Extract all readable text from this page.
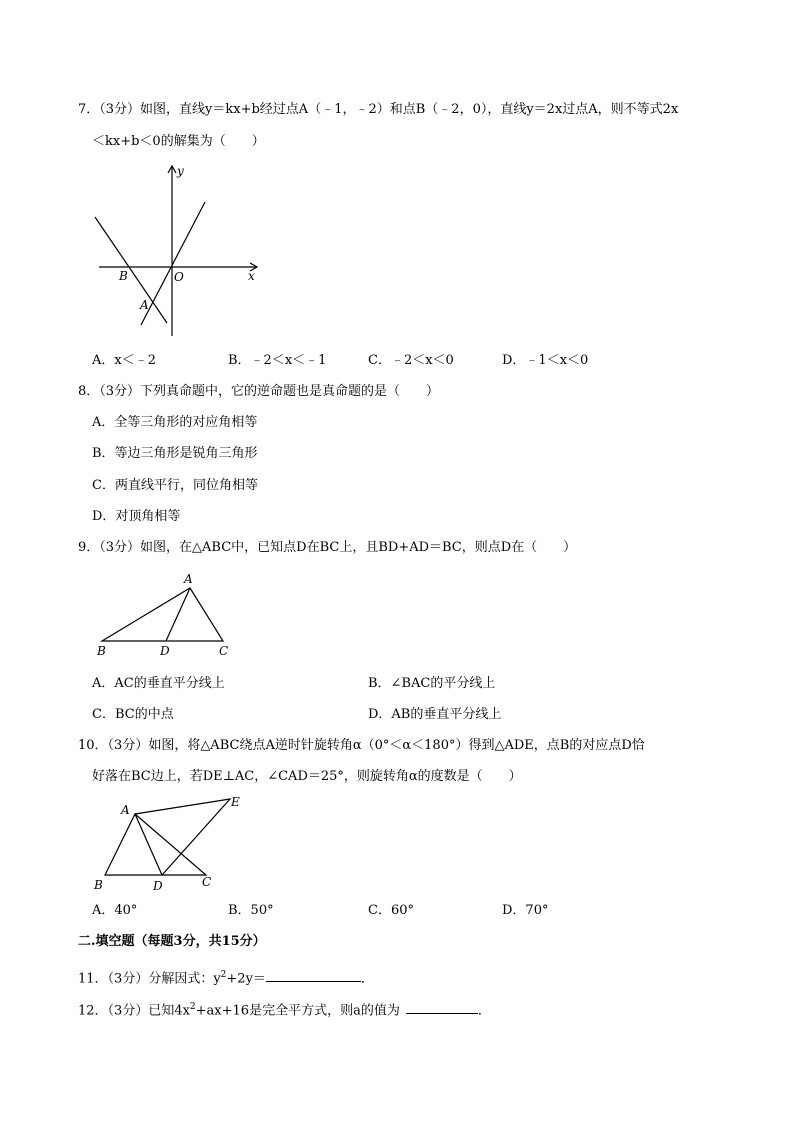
7．（3分）如图，直线y＝kx+b经过点A（﹣1，﹣2）和点B（﹣2，0），直线y＝2x过点A，则不等式2x
＜kx+b＜0的解集为（　　）
y
x
O
B
A
A．x＜﹣2	B．﹣2＜x＜﹣1	C．﹣2＜x＜0	D．﹣1＜x＜0
8．（3分）下列真命题中，它的逆命题也是真命题的是（　　）
A．全等三角形的对应角相等
B．等边三角形是锐角三角形
C．两直线平行，同位角相等
D．对顶角相等
9．（3分）如图，在△ABC中，已知点D在BC上，且BD+AD＝BC，则点D在（　　）
A
B	D	C
A．AC的垂直平分线上	B．∠BAC的平分线上
C．BC的中点	D．AB的垂直平分线上
10．（3分）如图，将△ABC绕点A逆时针旋转角α（0°＜α＜180°）得到△ADE，点B的对应点D恰
好落在BC边上，若DE⊥AC，∠CAD＝25°，则旋转角α的度数是（　　）
A
E
B	D	C
A．40°	B．50°	C．60°	D．70°
二.填空题（每题3分，共15分）
11．（3分）分解因式：$y^2+2y=$	．
12．（3分）已知$4x^2+ax+16$是完全平方式，则a的值为	．
